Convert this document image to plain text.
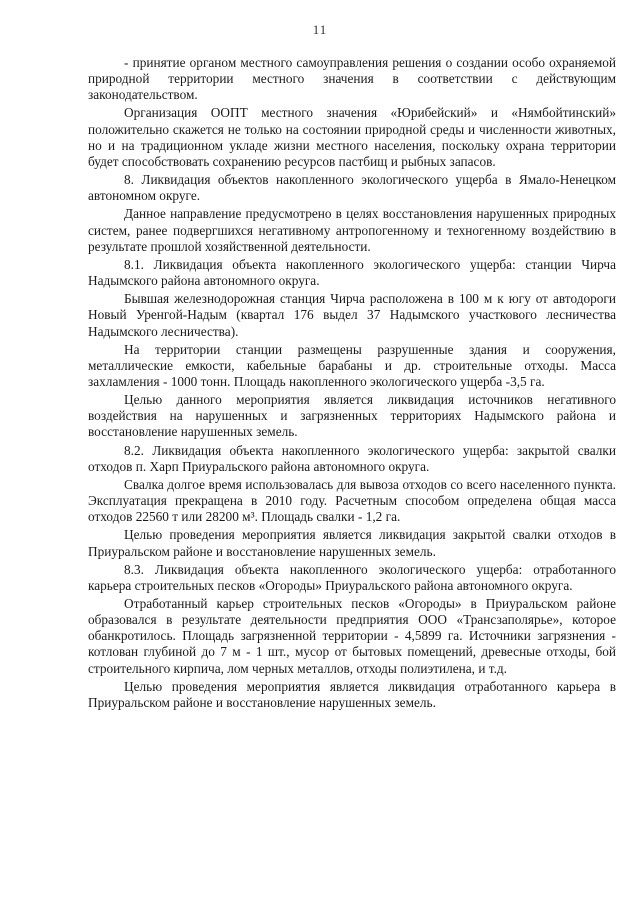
11

- принятие органом местного самоуправления решения о создании особо охраняемой природной территории местного значения в соответствии с действующим законодательством.

Организация ООПТ местного значения «Юрибейский» и «Нямбойтинский» положительно скажется не только на состоянии природной среды и численности животных, но и на традиционном укладе жизни местного населения, поскольку охрана территории будет способствовать сохранению ресурсов пастбищ и рыбных запасов.

8. Ликвидация объектов накопленного экологического ущерба в Ямало-Ненецком автономном округе.

Данное направление предусмотрено в целях восстановления нарушенных природных систем, ранее подвергшихся негативному антропогенному и техногенному воздействию в результате прошлой хозяйственной деятельности.

8.1. Ликвидация объекта накопленного экологического ущерба: станции Чирча Надымского района автономного округа.

Бывшая железнодорожная станция Чирча расположена в 100 м к югу от автодороги Новый Уренгой-Надым (квартал 176 выдел 37 Надымского участкового лесничества Надымского лесничества).

На территории станции размещены разрушенные здания и сооружения, металлические емкости, кабельные барабаны и др. строительные отходы. Масса захламления - 1000 тонн. Площадь накопленного экологического ущерба -3,5 га.

Целью данного мероприятия является ликвидация источников негативного воздействия на нарушенных и загрязненных территориях Надымского района и восстановление нарушенных земель.

8.2. Ликвидация объекта накопленного экологического ущерба: закрытой свалки отходов п. Харп Приуральского района автономного округа.

Свалка долгое время использовалась для вывоза отходов со всего населенного пункта. Эксплуатация прекращена в 2010 году. Расчетным способом определена общая масса отходов 22560 т или 28200 м³. Площадь свалки - 1,2 га.

Целью проведения мероприятия является ликвидация закрытой свалки отходов в Приуральском районе и восстановление нарушенных земель.

8.3. Ликвидация объекта накопленного экологического ущерба: отработанного карьера строительных песков «Огороды» Приуральского района автономного округа.

Отработанный карьер строительных песков «Огороды» в Приуральском районе образовался в результате деятельности предприятия ООО «Трансзаполярье», которое обанкротилось. Площадь загрязненной территории - 4,5899 га. Источники загрязнения - котлован глубиной до 7 м - 1 шт., мусор от бытовых помещений, древесные отходы, бой строительного кирпича, лом черных металлов, отходы полиэтилена, и т.д.

Целью проведения мероприятия является ликвидация отработанного карьера в Приуральском районе и восстановление нарушенных земель.
